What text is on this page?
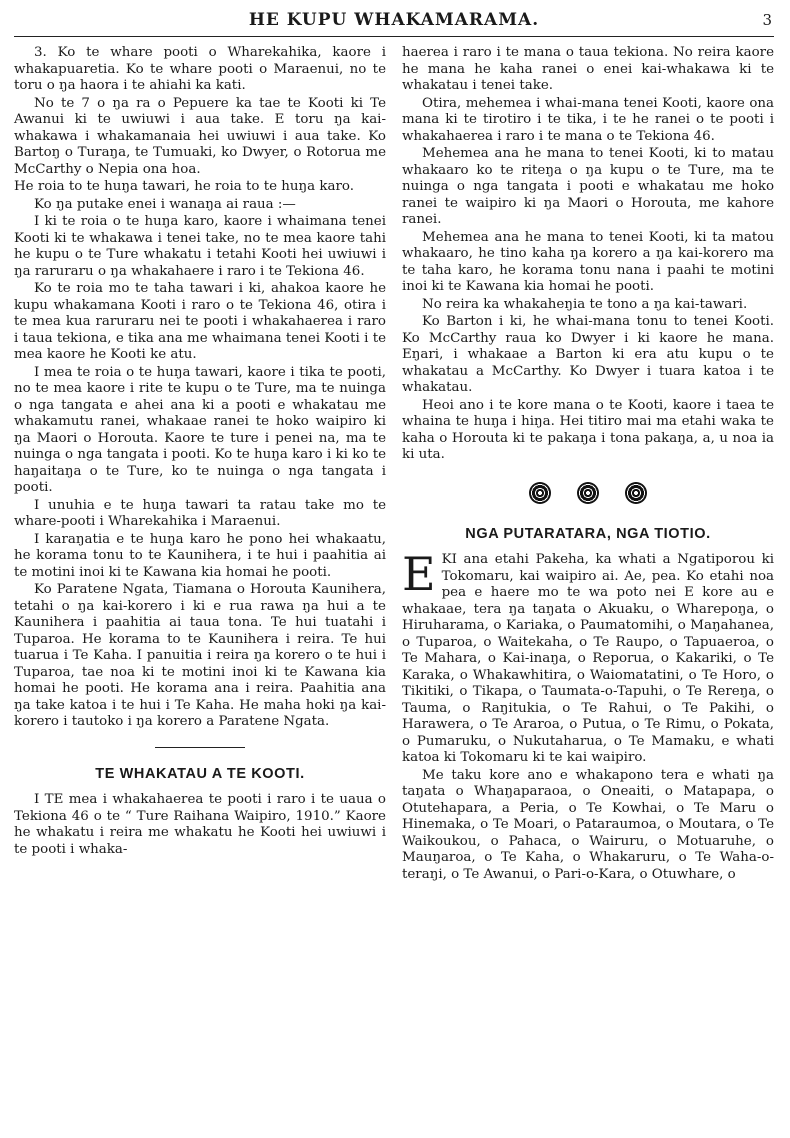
HE KUPU WHAKAMARAMA.	3

3. Ko te whare pooti o Wharekahika, kaore i whakapuaretia. Ko te whare pooti o Maraenui, no te toru o ŋa haora i te ahiahi ka kati.

No te 7 o ŋa ra o Pepuere ka tae te Kooti ki Te Awanui ki te uwiuwi i aua take. E toru ŋa kai-whakawa i whakamanaia hei uwiuwi i aua take. Ko Bartoŋ o Turaŋa, te Tumuaki, ko Dwyer, o Rotorua me McCarthy o Nepia ona hoa.

He roia to te huŋa tawari, he roia to te huŋa karo.

Ko ŋa putake enei i wanaŋa ai raua :—

I ki te roia o te huŋa karo, kaore i whaimana tenei Kooti ki te whakawa i tenei take, no te mea kaore tahi he kupu o te Ture whakatu i tetahi Kooti hei uwiuwi i ŋa raruraru o ŋa whakahaere i raro i te Tekiona 46.

Ko te roia mo te taha tawari i ki, ahakoa kaore he kupu whakamana Kooti i raro o te Tekiona 46, otira i te mea kua raruraru nei te pooti i whakahaerea i raro i taua tekiona, e tika ana me whaimana tenei Kooti i te mea kaore he Kooti ke atu.

I mea te roia o te huŋa tawari, kaore i tika te pooti, no te mea kaore i rite te kupu o te Ture, ma te nuinga o nga tangata e ahei ana ki a pooti e whakatau me whakamutu ranei, whakaae ranei te hoko waipiro ki ŋa Maori o Horouta. Kaore te ture i penei na, ma te nuinga o nga tangata i pooti. Ko te huŋa karo i ki ko te haŋaitaŋa o te Ture, ko te nuinga o nga tangata i pooti.

I unuhia e te huŋa tawari ta ratau take mo te whare-pooti i Wharekahika i Maraenui.

I karaŋatia e te huŋa karo he pono hei whakaatu, he korama tonu to te Kaunihera, i te hui i paahitia ai te motini inoi ki te Kawana kia homai he pooti.

Ko Paratene Ngata, Tiamana o Horouta Kaunihera, tetahi o ŋa kai-korero i ki e rua rawa ŋa hui a te Kaunihera i paahitia ai taua tona. Te hui tuatahi i Tuparoa. He korama to te Kaunihera i reira. Te hui tuarua i Te Kaha. I panuitia i reira ŋa korero o te hui i Tuparoa, tae noa ki te motini inoi ki te Kawana kia homai he pooti. He korama ana i reira. Paahitia ana ŋa take katoa i te hui i Te Kaha. He maha hoki ŋa kai-korero i tautoko i ŋa korero a Paratene Ngata.

TE WHAKATAU A TE KOOTI.

I TE mea i whakahaerea te pooti i raro i te uaua o Tekiona 46 o te “ Ture Raihana Waipiro, 1910.” Kaore he whakatu i reira me whakatu he Kooti hei uwiuwi i te pooti i whaka-

haerea i raro i te mana o taua tekiona. No reira kaore he mana he kaha ranei o enei kai-whakawa ki te whakatau i tenei take.

Otira, mehemea i whai-mana tenei Kooti, kaore ona mana ki te tirotiro i te tika, i te he ranei o te pooti i whakahaerea i raro i te mana o te Tekiona 46.

Mehemea ana he mana to tenei Kooti, ki to matau whakaaro ko te riteŋa o ŋa kupu o te Ture, ma te nuinga o nga tangata i pooti e whakatau me hoko ranei te waipiro ki ŋa Maori o Horouta, me kahore ranei.

Mehemea ana he mana to tenei Kooti, ki ta matou whakaaro, he tino kaha ŋa korero a ŋa kai-korero ma te taha karo, he korama tonu nana i paahi te motini inoi ki te Kawana kia homai he pooti.

No reira ka whakaheŋia te tono a ŋa kai-tawari.

Ko Barton i ki, he whai-mana tonu to tenei Kooti. Ko McCarthy raua ko Dwyer i ki kaore he mana. Eŋari, i whakaae a Barton ki era atu kupu o te whakatau a McCarthy. Ko Dwyer i tuara katoa i te whakatau.

Heoi ano i te kore mana o te Kooti, kaore i taea te whaina te huŋa i hiŋa. Hei titiro mai ma etahi waka te kaha o Horouta ki te pakaŋa i tona pakaŋa, a, u noa ia ki uta.

NGA PUTARATARA, NGA TIOTIO.

EKI ana etahi Pakeha, ka whati a Ngatiporou ki Tokomaru, kai waipiro ai. Ae, pea. Ko etahi noa pea e haere mo te wa poto nei E kore au e whakaae, tera ŋa taŋata o Akuaku, o Wharepoŋa, o Hiruharama, o Kariaka, o Paumatomihi, o Maŋahanea, o Tuparoa, o Waitekaha, o Te Raupo, o Tapuaeroa, o Te Mahara, o Kai-inaŋa, o Reporua, o Kakariki, o Te Karaka, o Whakawhitira, o Waiomatatini, o Te Horo, o Tikitiki, o Tikapa, o Taumata-o-Tapuhi, o Te Rereŋa, o Tauma, o Raŋitukia, o Te Rahui, o Te Pakihi, o Harawera, o Te Araroa, o Putua, o Te Rimu, o Pokata, o Pumaruku, o Nukutaharua, o Te Mamaku, e whati katoa ki Tokomaru ki te kai waipiro.

Me taku kore ano e whakapono tera e whati ŋa taŋata o Whaŋaparaoa, o Oneaiti, o Matapapa, o Otutehapara, a Peria, o Te Kowhai, o Te Maru o Hinemaka, o Te Moari, o Pataraumoa, o Moutara, o Te Waikoukou, o Pahaca, o Wairuru, o Motuaruhe, o Mauŋaroa, o Te Kaha, o Whakaruru, o Te Waha-o-teraŋi, o Te Awanui, o Pari-o-Kara, o Otuwhare, o
